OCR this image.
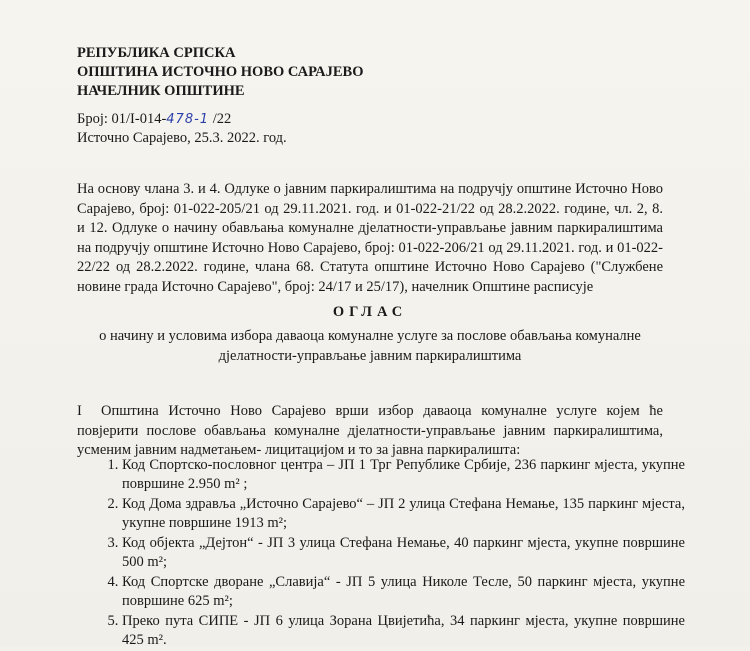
РЕПУБЛИКА СРПСКА
ОПШТИНА ИСТОЧНО НОВО САРАЈЕВО
НАЧЕЛНИК ОПШТИНЕ
Број: 01/I-014-478-1 /22
Источно Сарајево, 25.3. 2022. год.
На основу члана 3. и 4. Одлуке о јавним паркиралиштима на подручју општине Источно Ново Сарајево, број: 01-022-205/21 од 29.11.2021. год. и 01-022-21/22 од 28.2.2022. године, чл. 2, 8. и 12. Одлуке о начину обављања комуналне дјелатности-управљање јавним паркиралиштима на подручју општине Источно Ново Сарајево, број: 01-022-206/21 од 29.11.2021. год. и 01-022-22/22 од 28.2.2022. године, члана 68. Статута општине Источно Ново Сарајево ("Службене новине града Источно Сарајево", број: 24/17 и 25/17), начелник Општине расписује
ОГЛАС
о начину и условима избора даваоца комуналне услуге за послове обављања комуналне
дјелатности-управљање јавним паркиралиштима
I Општина Источно Ново Сарајево врши избор даваоца комуналне услуге којем ће повјерити послове обављања комуналне дјелатности-управљање јавним паркиралиштима, усменим јавним надметањем- лицитацијом и то за јавна паркиралишта:
1. Код Спортско-пословног центра – ЈП 1 Трг Републике Србије, 236 паркинг мјеста, укупне површине 2.950 m² ;
2. Код Дома здравља „Источно Сарајево“ – ЈП 2 улица Стефана Немање, 135 паркинг мјеста, укупне површине 1913 m²;
3. Код објекта „Дејтон“ - ЈП 3 улица Стефана Немање, 40 паркинг мјеста, укупне површине 500 m²;
4. Код Спортске дворане „Славија“ - ЈП 5 улица Николе Тесле, 50 паркинг мјеста, укупне површине 625 m²;
5. Преко пута СИПЕ - ЈП 6 улица Зорана Цвијетића, 34 паркинг мјеста, укупне површине 425 m².
